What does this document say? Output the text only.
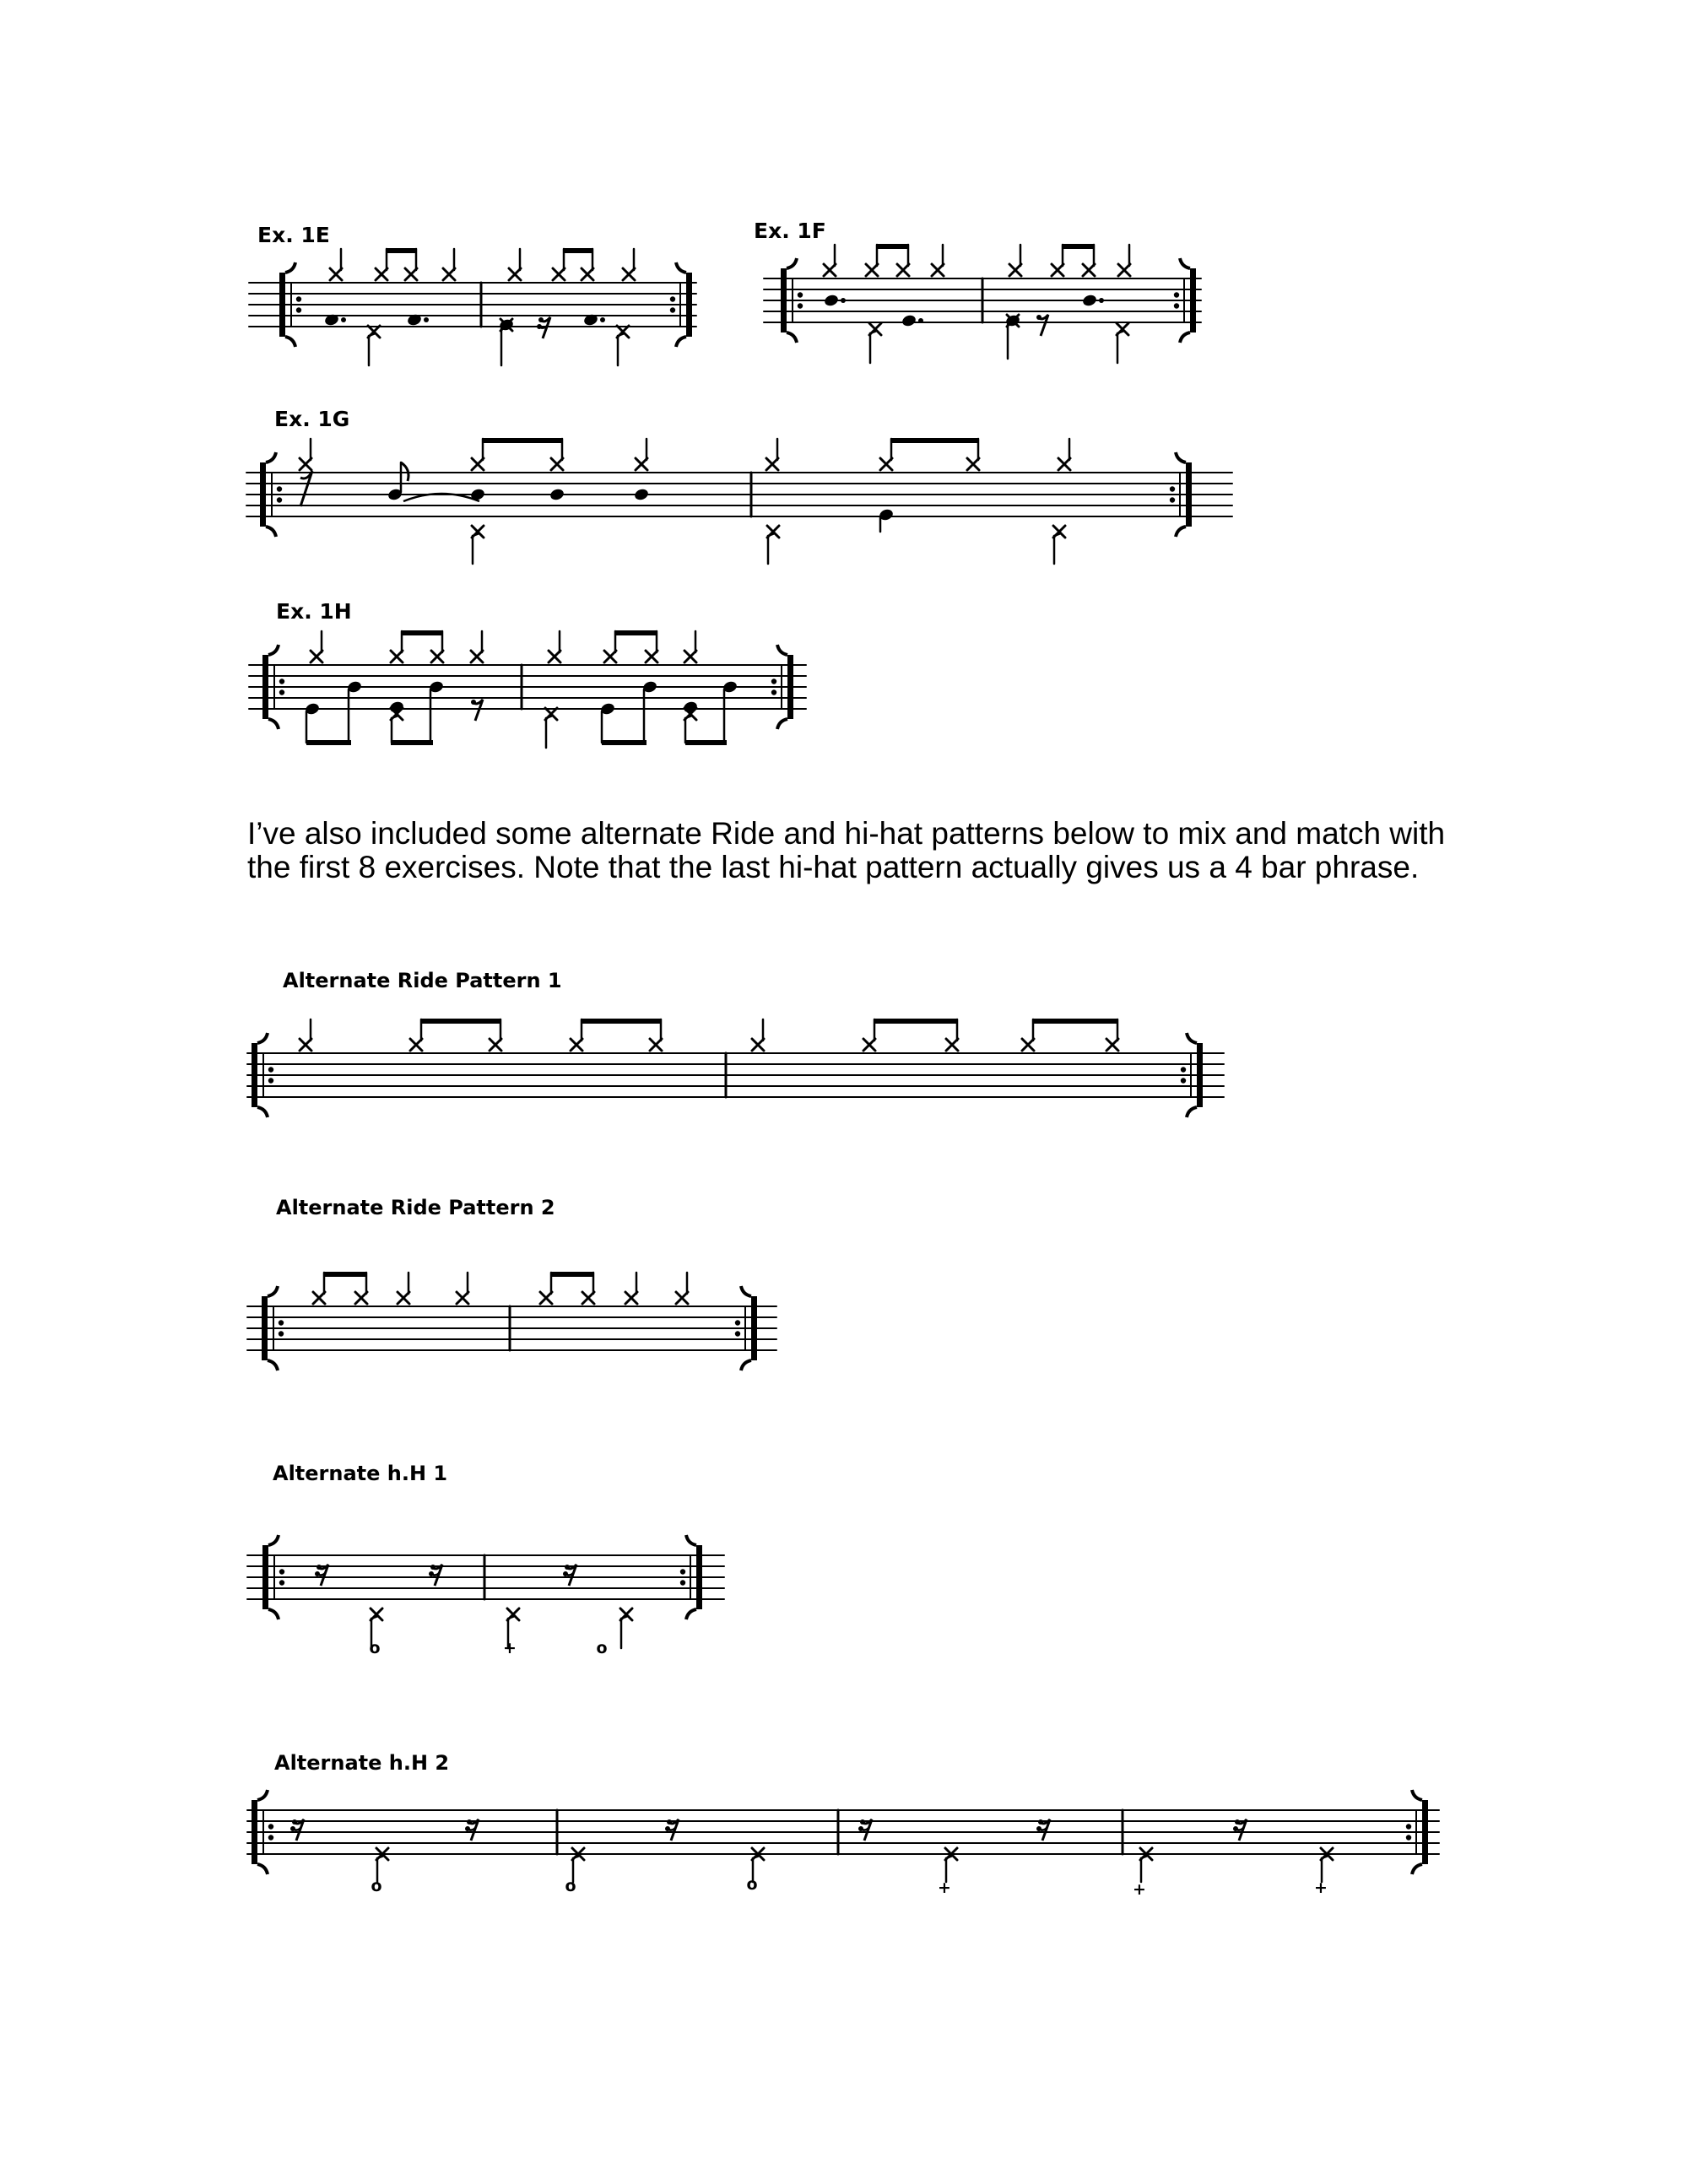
Ex. 1E	Ex. 1F
Ex. 1G
Ex. 1H
Alternate Ride Pattern 1
Alternate Ride Pattern 2
Alternate h.H 1
Alternate h.H 2
o	+	o
o	o	o	+	+	+

I’ve also included some alternate Ride and hi-hat patterns below to mix and match with the first 8 exercises. Note that the last hi-hat pattern actually gives us a 4 bar phrase.
